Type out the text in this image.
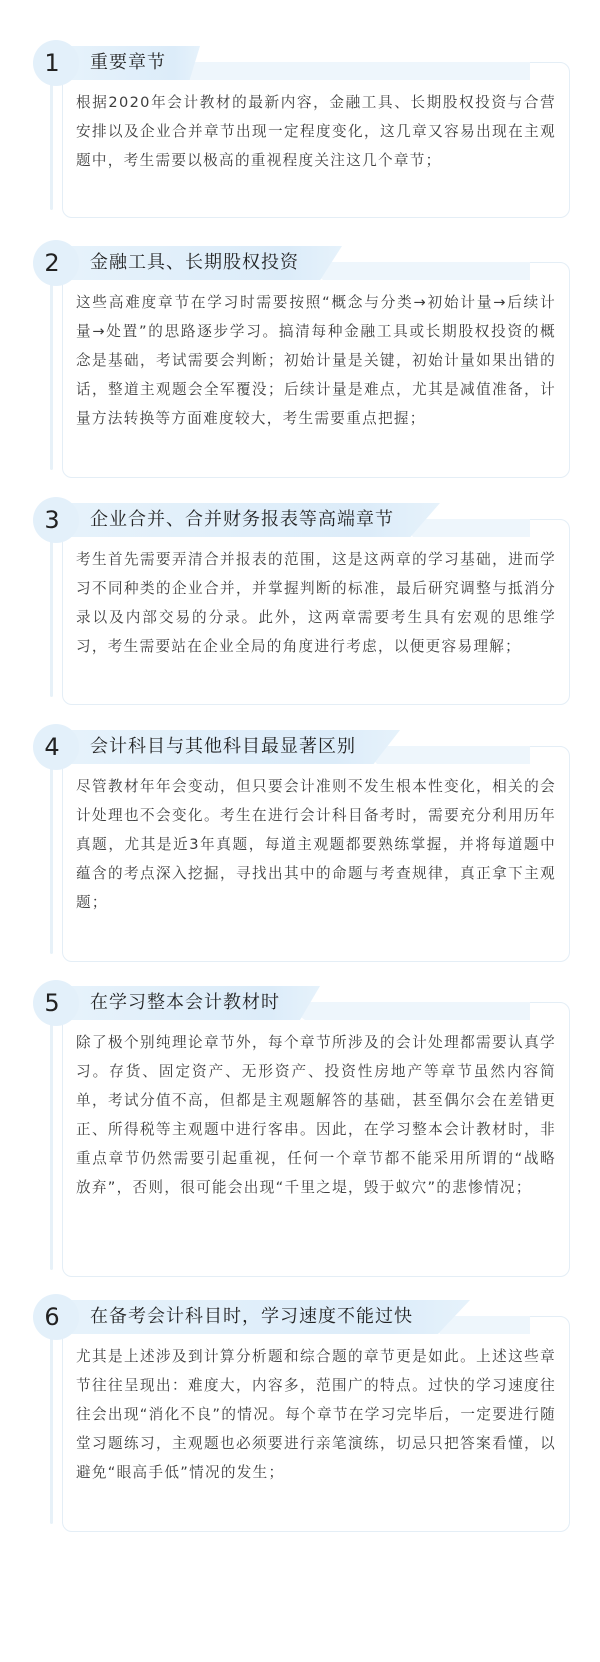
1	重要章节
根据2020年会计教材的最新内容，金融工具、长期股权投资与合营安排以及企业合并章节出现一定程度变化，这几章又容易出现在主观题中，考生需要以极高的重视程度关注这几个章节；
2	金融工具、长期股权投资
这些高难度章节在学习时需要按照“概念与分类→初始计量→后续计量→处置”的思路逐步学习。搞清每种金融工具或长期股权投资的概念是基础，考试需要会判断；初始计量是关键，初始计量如果出错的话，整道主观题会全军覆没；后续计量是难点，尤其是减值准备，计量方法转换等方面难度较大，考生需要重点把握；
3	企业合并、合并财务报表等高端章节
考生首先需要弄清合并报表的范围，这是这两章的学习基础，进而学习不同种类的企业合并，并掌握判断的标准，最后研究调整与抵消分录以及内部交易的分录。此外，这两章需要考生具有宏观的思维学习，考生需要站在企业全局的角度进行考虑，以便更容易理解；
4	会计科目与其他科目最显著区别
尽管教材年年会变动，但只要会计准则不发生根本性变化，相关的会计处理也不会变化。考生在进行会计科目备考时，需要充分利用历年真题，尤其是近3年真题，每道主观题都要熟练掌握，并将每道题中蕴含的考点深入挖掘，寻找出其中的命题与考查规律，真正拿下主观题；
5	在学习整本会计教材时
除了极个别纯理论章节外，每个章节所涉及的会计处理都需要认真学习。存货、固定资产、无形资产、投资性房地产等章节虽然内容简单，考试分值不高，但都是主观题解答的基础，甚至偶尔会在差错更正、所得税等主观题中进行客串。因此，在学习整本会计教材时，非重点章节仍然需要引起重视，任何一个章节都不能采用所谓的“战略放弃”，否则，很可能会出现“千里之堤，毁于蚁穴”的悲惨情况；
6	在备考会计科目时，学习速度不能过快
尤其是上述涉及到计算分析题和综合题的章节更是如此。上述这些章节往往呈现出：难度大，内容多，范围广的特点。过快的学习速度往往会出现“消化不良”的情况。每个章节在学习完毕后，一定要进行随堂习题练习，主观题也必须要进行亲笔演练，切忌只把答案看懂，以避免“眼高手低”情况的发生；
